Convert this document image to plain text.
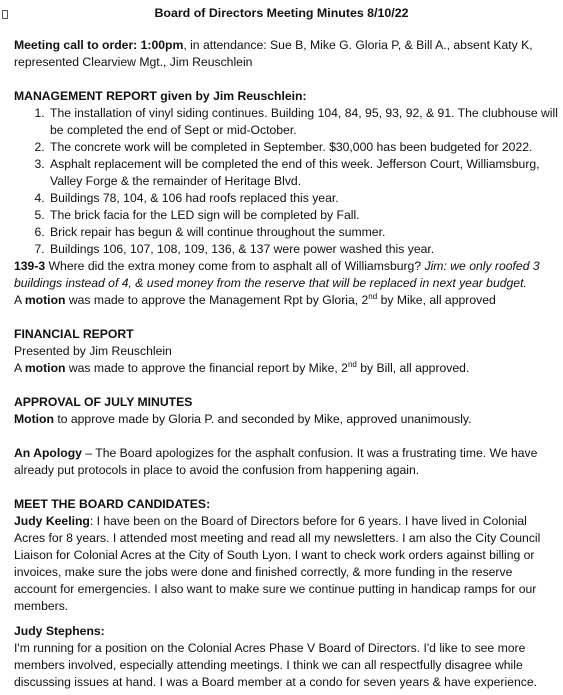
Board of Directors Meeting Minutes 8/10/22

Meeting call to order: 1:00pm, in attendance: Sue B, Mike G. Gloria P, & Bill A., absent Katy K, represented Clearview Mgt., Jim Reuschlein

MANAGEMENT REPORT given by Jim Reuschlein:

1. The installation of vinyl siding continues. Building 104, 84, 95, 93, 92, & 91. The clubhouse will be completed the end of Sept or mid-October.
2. The concrete work will be completed in September. $30,000 has been budgeted for 2022.
3. Asphalt replacement will be completed the end of this week. Jefferson Court, Williamsburg, Valley Forge & the remainder of Heritage Blvd.
4. Buildings 78, 104, & 106 had roofs replaced this year.
5. The brick facia for the LED sign will be completed by Fall.
6. Brick repair has begun & will continue throughout the summer.
7. Buildings 106, 107, 108, 109, 136, & 137 were power washed this year.

139-3 Where did the extra money come from to asphalt all of Williamsburg? Jim: we only roofed 3 buildings instead of 4, & used money from the reserve that will be replaced in next year budget.

A motion was made to approve the Management Rpt by Gloria, 2nd by Mike, all approved

FINANCIAL REPORT

Presented by Jim Reuschlein

A motion was made to approve the financial report by Mike, 2nd by Bill, all approved.

APPROVAL OF JULY MINUTES

Motion to approve made by Gloria P. and seconded by Mike, approved unanimously.

An Apology – The Board apologizes for the asphalt confusion. It was a frustrating time. We have already put protocols in place to avoid the confusion from happening again.

MEET THE BOARD CANDIDATES:

Judy Keeling: I have been on the Board of Directors before for 6 years. I have lived in Colonial Acres for 8 years. I attended most meeting and read all my newsletters. I am also the City Council Liaison for Colonial Acres at the City of South Lyon. I want to check work orders against billing or invoices, make sure the jobs were done and finished correctly, & more funding in the reserve account for emergencies. I also want to make sure we continue putting in handicap ramps for our members.

Judy Stephens:

I'm running for a position on the Colonial Acres Phase V Board of Directors. I'd like to see more members involved, especially attending meetings. I think we can all respectfully disagree while discussing issues at hand. I was a Board member at a condo for seven years & have experience.
